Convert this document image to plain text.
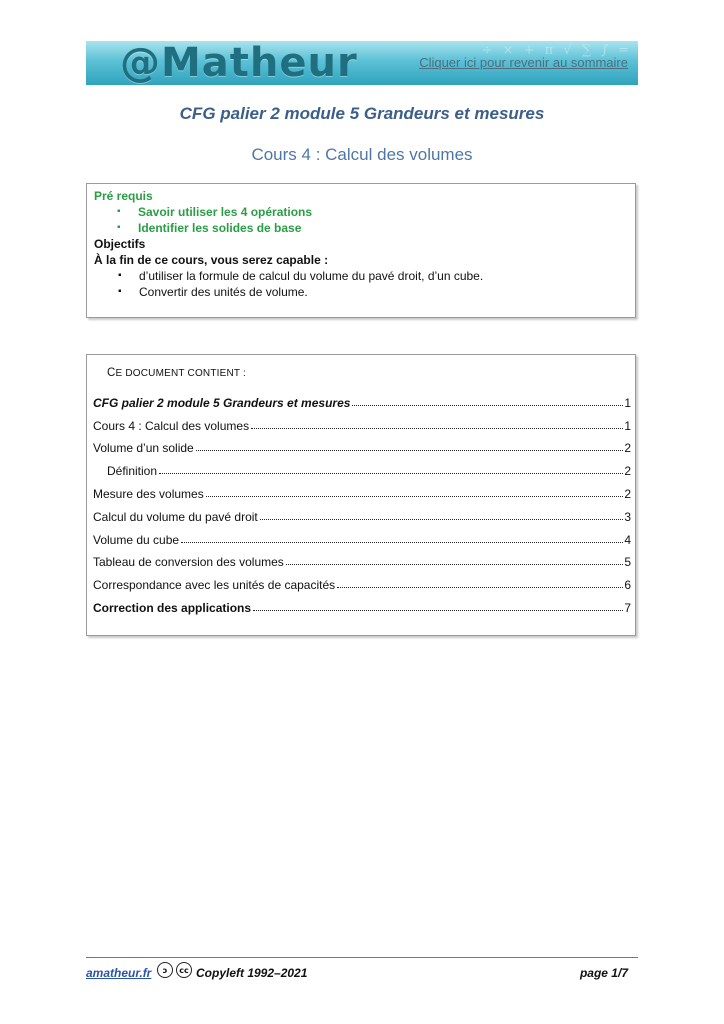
÷ × + π √ ∑ ∫ =
@Matheur	Cliquer ici pour revenir au sommaire
CFG palier 2 module 5 Grandeurs et mesures
Cours 4 : Calcul des volumes
Pré requis
▪ Savoir utiliser les 4 opérations
▪ Identifier les solides de base
Objectifs
À la fin de ce cours, vous serez capable :
▪ d’utiliser la formule de calcul du volume du pavé droit, d’un cube.
▪ Convertir des unités de volume.
CE DOCUMENT CONTIENT :
CFG palier 2 module 5 Grandeurs et mesures	1
Cours 4 : Calcul des volumes	1
Volume d’un solide	2
Définition	2
Mesure des volumes	2
Calcul du volume du pavé droit	3
Volume du cube	4
Tableau de conversion des volumes	5
Correspondance avec les unités de capacités	6
Correction des applications	7
amatheur.fr	ↄ	cc Copyleft 1992–2021	page 1/7
